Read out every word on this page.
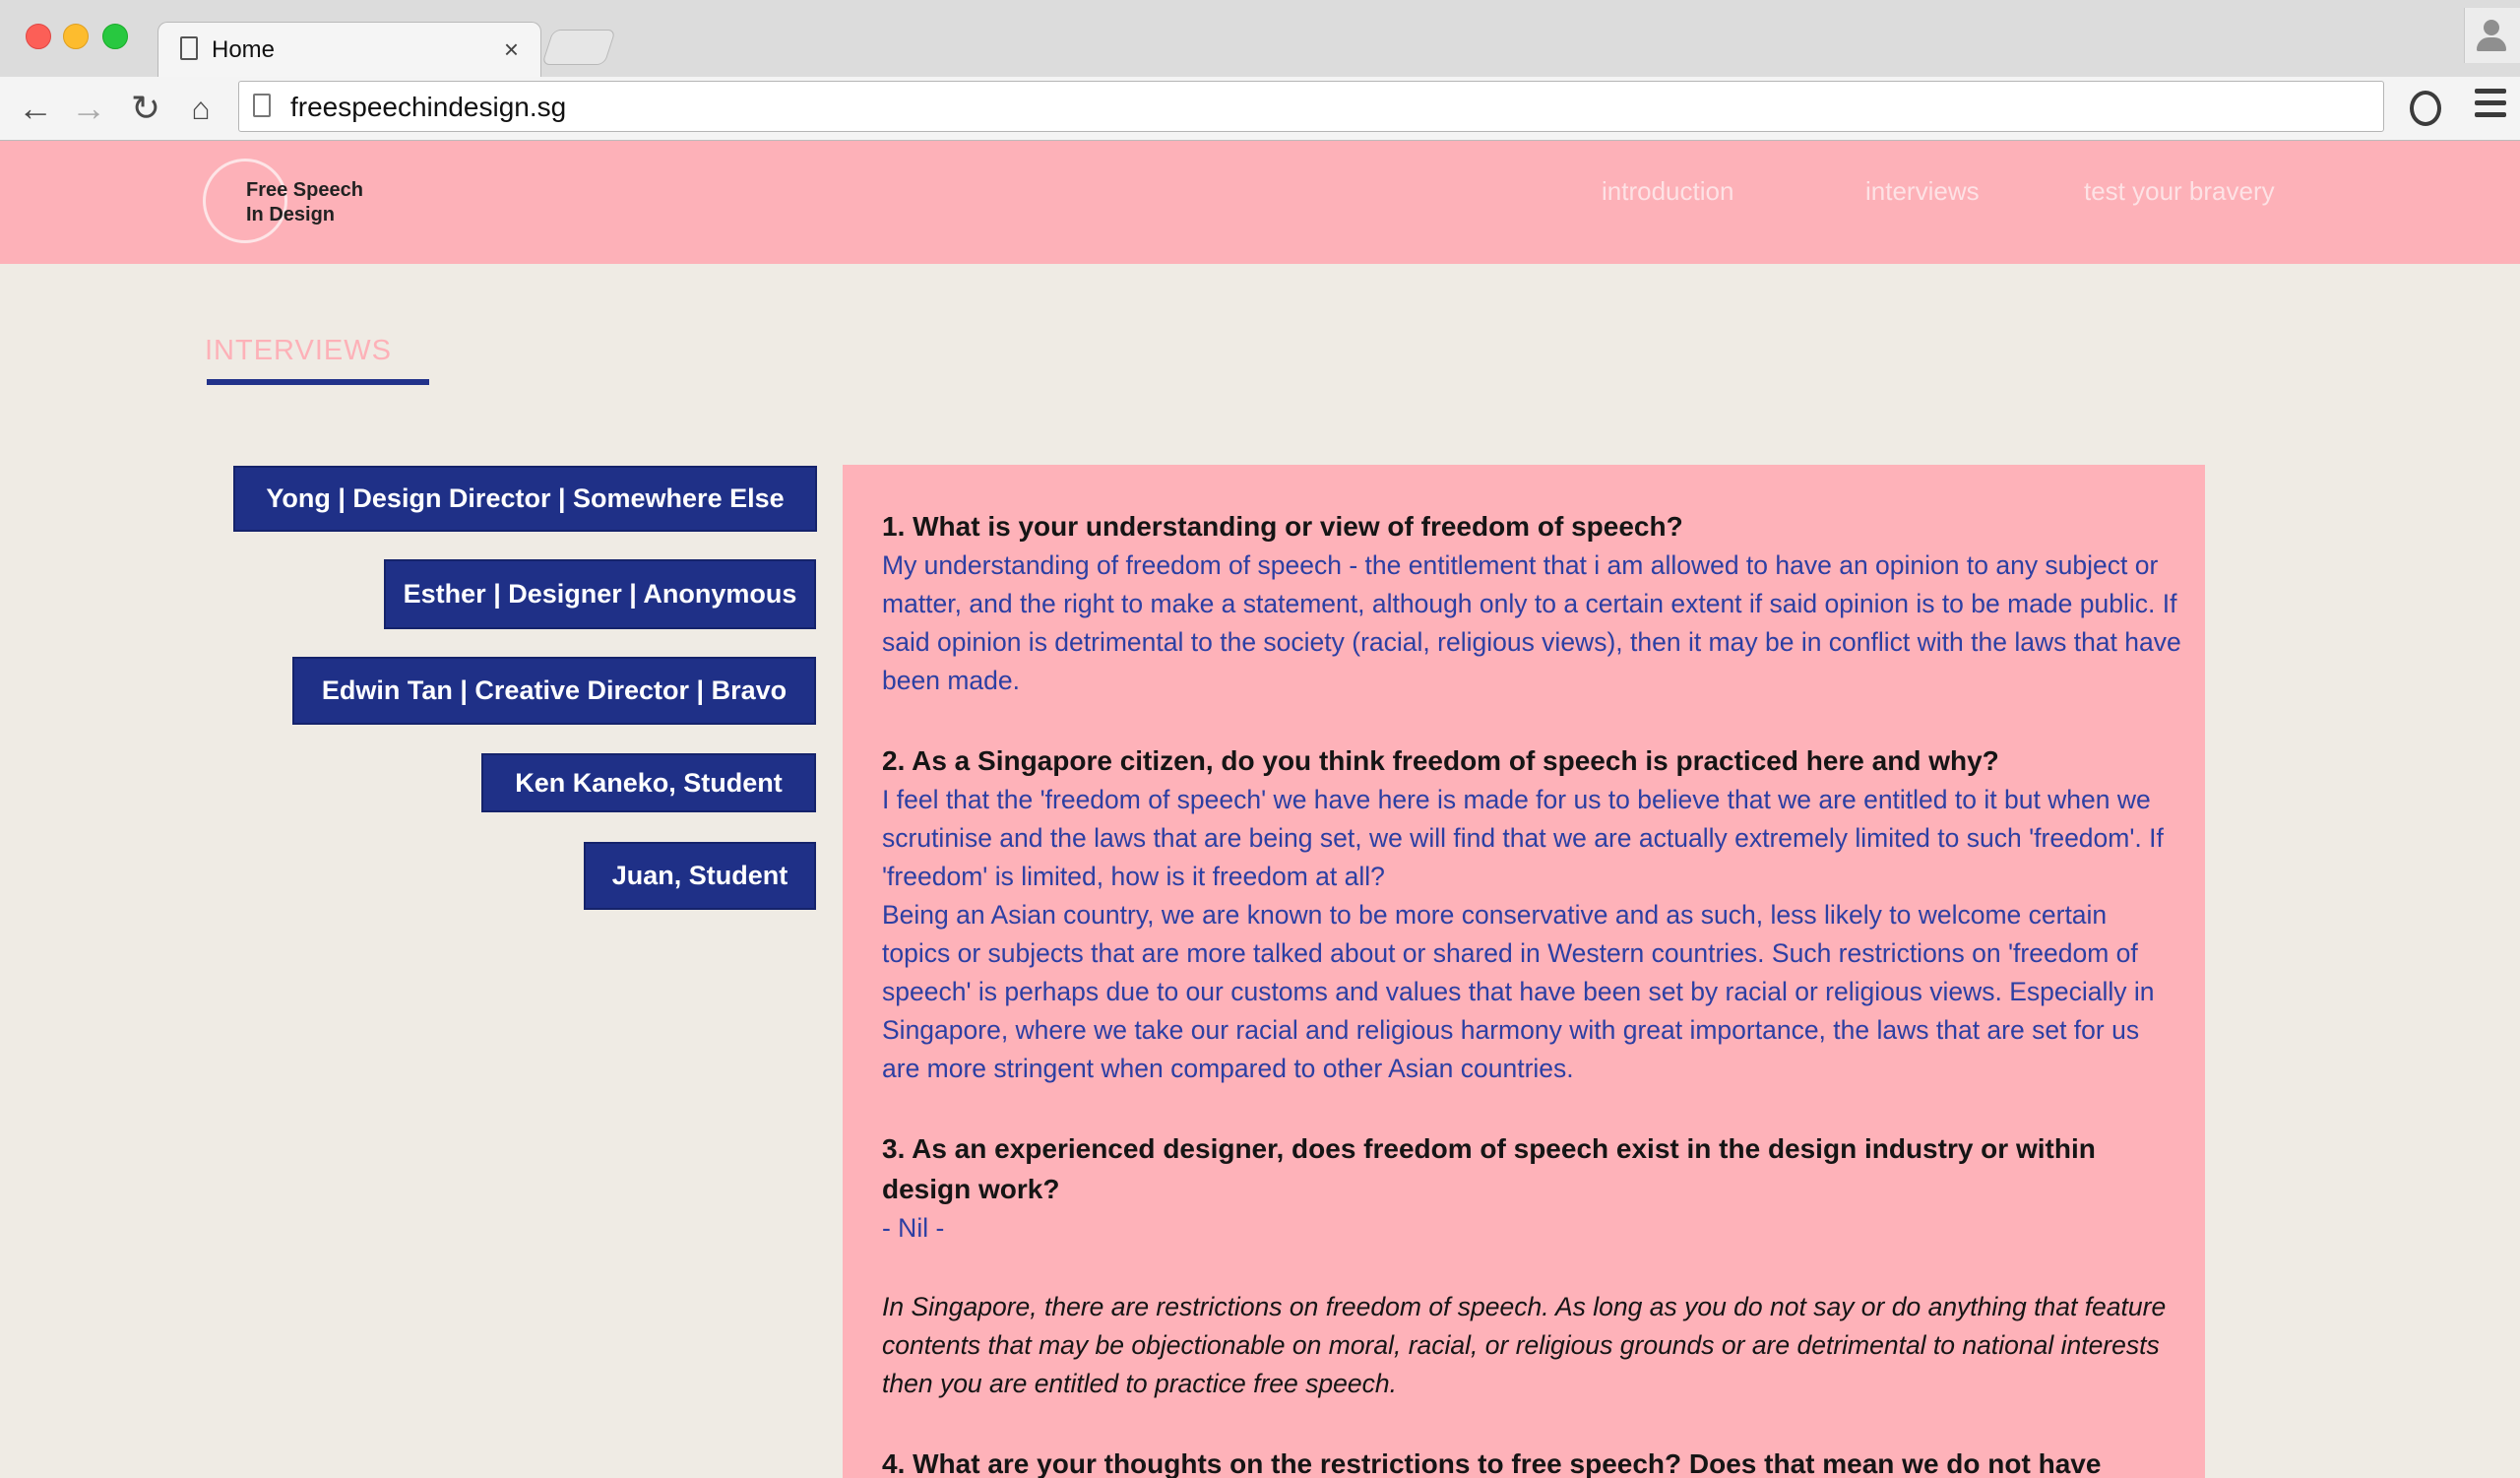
Home	×
← → ↻ ⌂	freespeechindesign.sg
Free Speech
In Design
introduction	interviews	test your bravery
INTERVIEWS
Yong | Design Director | Somewhere Else
Esther | Designer | Anonymous
Edwin Tan | Creative Director | Bravo
Ken Kaneko, Student
Juan, Student

1. What is your understanding or view of freedom of speech?

My understanding of freedom of speech - the entitlement that i am allowed to have an opinion to any subject or matter, and the right to make a statement, although only to a certain extent if said opinion is to be made public. If said opinion is detrimental to the society (racial, religious views), then it may be in conflict with the laws that have been made.

2. As a Singapore citizen, do you think freedom of speech is practiced here and why?

I feel that the 'freedom of speech' we have here is made for us to believe that we are entitled to it but when we scrutinise and the laws that are being set, we will find that we are actually extremely limited to such 'freedom'. If 'freedom' is limited, how is it freedom at all?

Being an Asian country, we are known to be more conservative and as such, less likely to welcome certain topics or subjects that are more talked about or shared in Western countries. Such restrictions on 'freedom of speech' is perhaps due to our customs and values that have been set by racial or religious views. Especially in Singapore, where we take our racial and religious harmony with great importance, the laws that are set for us are more stringent when compared to other Asian countries.

3. As an experienced designer, does freedom of speech exist in the design industry or within design work?

- Nil -

In Singapore, there are restrictions on freedom of speech. As long as you do not say or do anything that feature contents that may be objectionable on moral, racial, or religious grounds or are detrimental to national interests then you are entitled to practice free speech.

4. What are your thoughts on the restrictions to free speech? Does that mean we do not have
